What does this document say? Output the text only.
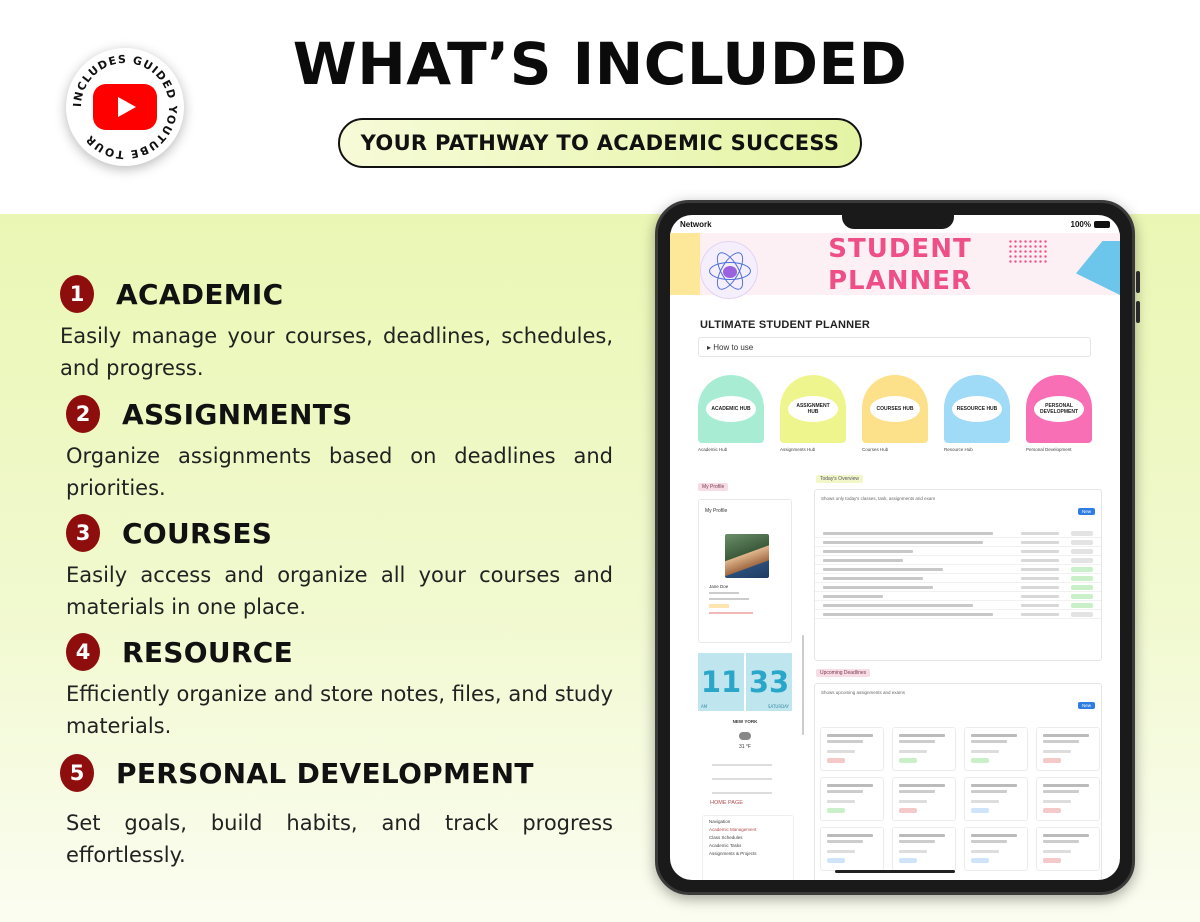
INCLUDES GUIDED YOUTUBE TOUR
WHAT’S INCLUDED
YOUR PATHWAY TO ACADEMIC SUCCESS
1	ACADEMIC
Easily manage your courses, deadlines, schedules, and progress.
2	ASSIGNMENTS
Organize assignments based on deadlines and priorities.
3	COURSES
Easily access and organize all your courses and materials in one place.
4	RESOURCE
Efficiently organize and store notes, files, and study materials.
5	PERSONAL DEVELOPMENT
Set goals, build habits, and track progress effortlessly.
Network	100%
STUDENT PLANNER
ULTIMATE STUDENT PLANNER
▸ How to use
ACADEMIC HUB
Academic Hub
ASSIGNMENT HUB
Assignments Hub
COURSES HUB
Courses Hub
RESOURCE HUB
Resource Hub
PERSONAL DEVELOPMENT
Personal Development
My Profile
My Profile
Jane Doe
11
AM
33
SATURDAY
NEW YORK
31 °F
HOME PAGE
Navigation
Academic Management
Class Schedules
Academic Tasks
Assignments & Projects
Today's Overview
Shows only today's classes, task, assignments and exam
New
Upcoming Deadlines
Shows upcoming assignments and exams
New
